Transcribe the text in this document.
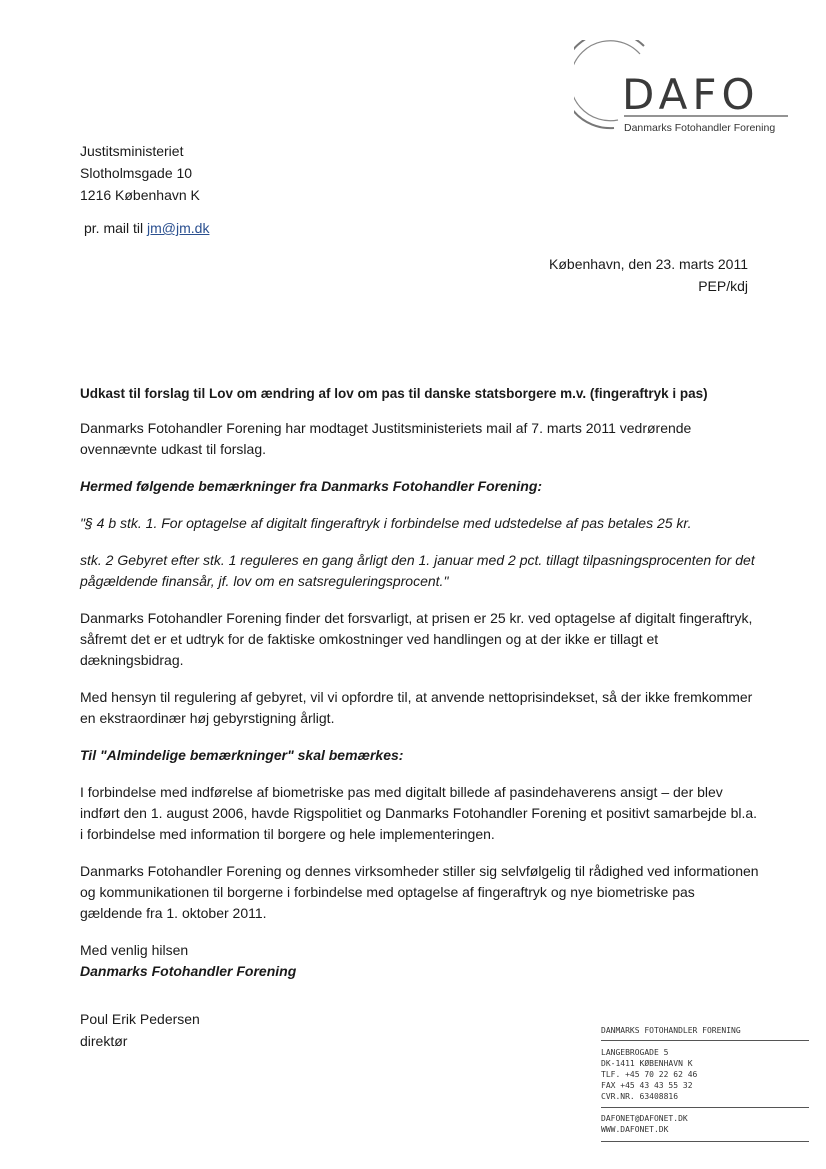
DAFO
Danmarks Fotohandler Forening
Justitsministeriet
Slotholmsgade 10
1216 København K
pr. mail til jm@jm.dk
København, den 23. marts 2011
PEP/kdj

Udkast til forslag til Lov om ændring af lov om pas til danske statsborgere m.v. (fingeraftryk i pas)

Danmarks Fotohandler Forening har modtaget Justitsministeriets mail af 7. marts 2011 vedrørende ovennævnte udkast til forslag.

Hermed følgende bemærkninger fra Danmarks Fotohandler Forening:

"§ 4 b stk. 1. For optagelse af digitalt fingeraftryk i forbindelse med udstedelse af pas betales 25 kr.

stk. 2 Gebyret efter stk. 1 reguleres en gang årligt den 1. januar med 2 pct. tillagt tilpasningsprocenten for det pågældende finansår, jf. lov om en satsreguleringsprocent."

Danmarks Fotohandler Forening finder det forsvarligt, at prisen er 25 kr. ved optagelse af digitalt fingeraftryk, såfremt det er et udtryk for de faktiske omkostninger ved handlingen og at der ikke er tillagt et dækningsbidrag.

Med hensyn til regulering af gebyret, vil vi opfordre til, at anvende nettoprisindekset, så der ikke fremkommer en ekstraordinær høj gebyrstigning årligt.

Til "Almindelige bemærkninger" skal bemærkes:

I forbindelse med indførelse af biometriske pas med digitalt billede af pasindehaverens ansigt – der blev indført den 1. august 2006, havde Rigspolitiet og Danmarks Fotohandler Forening et positivt samarbejde bl.a. i forbindelse med information til borgere og hele implementeringen.

Danmarks Fotohandler Forening og dennes virksomheder stiller sig selvfølgelig til rådighed ved informationen og kommunikationen til borgerne i forbindelse med optagelse af fingeraftryk og nye biometriske pas gældende fra 1. oktober 2011.

Med venlig hilsen
Danmarks Fotohandler Forening
Poul Erik Pedersen
direktør
DANMARKS FOTOHANDLER FORENING
LANGEBROGADE 5
DK-1411 KØBENHAVN K
TLF. +45 70 22 62 46
FAX +45 43 43 55 32
CVR.NR. 63408816
DAFONET@DAFONET.DK
WWW.DAFONET.DK
